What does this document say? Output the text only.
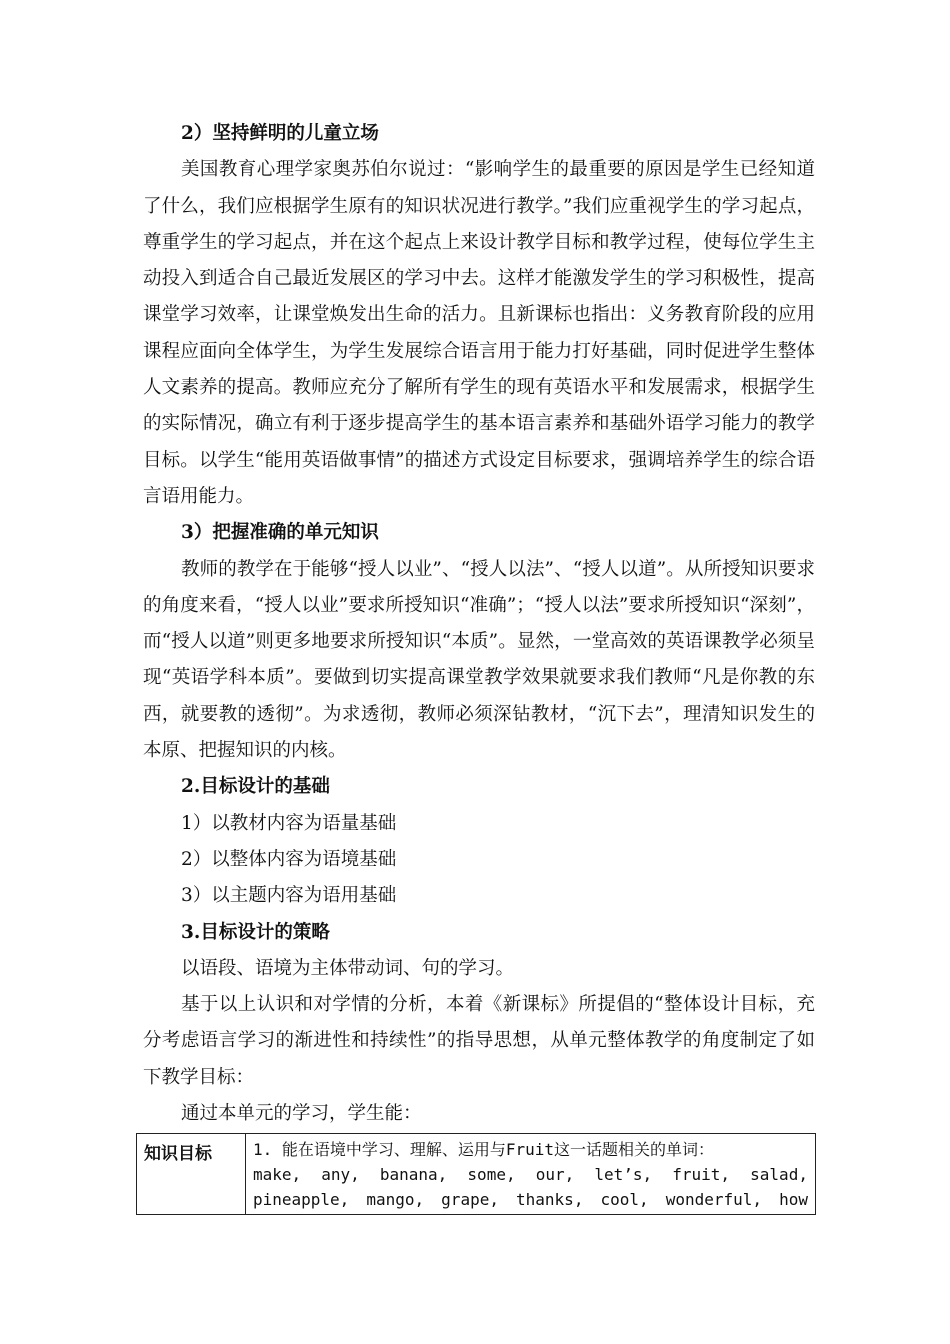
2）坚持鲜明的儿童立场

美国教育心理学家奥苏伯尔说过：“影响学生的最重要的原因是学生已经知道了什么，我们应根据学生原有的知识状况进行教学。”我们应重视学生的学习起点，尊重学生的学习起点，并在这个起点上来设计教学目标和教学过程，使每位学生主动投入到适合自己最近发展区的学习中去。这样才能激发学生的学习积极性，提高课堂学习效率，让课堂焕发出生命的活力。且新课标也指出：义务教育阶段的应用课程应面向全体学生，为学生发展综合语言用于能力打好基础，同时促进学生整体人文素养的提高。教师应充分了解所有学生的现有英语水平和发展需求，根据学生的实际情况，确立有利于逐步提高学生的基本语言素养和基础外语学习能力的教学目标。以学生“能用英语做事情”的描述方式设定目标要求，强调培养学生的综合语言语用能力。

3）把握准确的单元知识

教师的教学在于能够“授人以业”、“授人以法”、“授人以道”。从所授知识要求的角度来看，“授人以业”要求所授知识“准确”；“授人以法”要求所授知识“深刻”，而“授人以道”则更多地要求所授知识“本质”。显然，一堂高效的英语课教学必须呈现“英语学科本质”。要做到切实提高课堂教学效果就要求我们教师“凡是你教的东西，就要教的透彻”。为求透彻，教师必须深钻教材，“沉下去”，理清知识发生的本原、把握知识的内核。

2.目标设计的基础

1）以教材内容为语量基础

2）以整体内容为语境基础

3）以主题内容为语用基础

3.目标设计的策略

以语段、语境为主体带动词、句的学习。

基于以上认识和对学情的分析，本着《新课标》所提倡的“整体设计目标，充分考虑语言学习的渐进性和持续性”的指导思想，从单元整体教学的角度制定了如下教学目标：

通过本单元的学习，学生能：

知识目标	1. 能在语境中学习、理解、运用与Fruit这一话题相关的单词：
make, any, banana, some, our, let’s, fruit, salad,
pineapple, mango, grape, thanks, cool, wonderful, how
